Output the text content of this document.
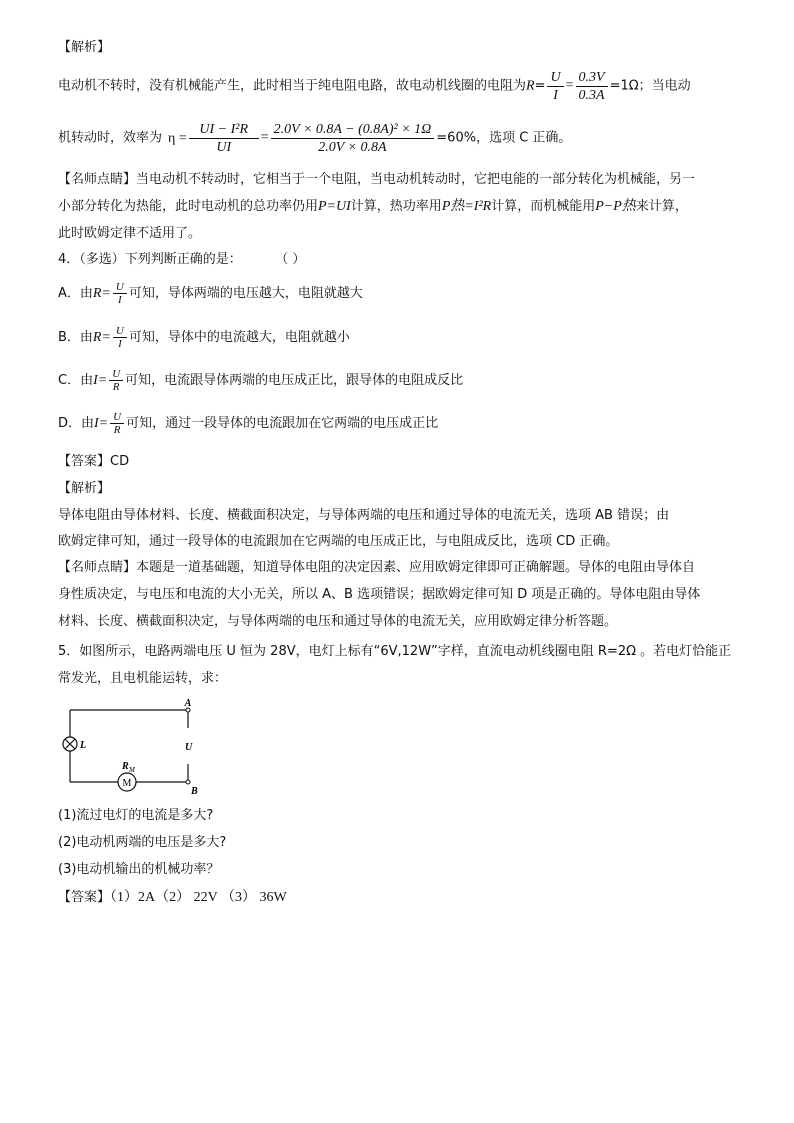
【解析】
电动机不转时，没有机械能产生，此时相当于纯电阻电路，故电动机线圈的电阻为$R= \frac{U}{I} = \frac{0.3V}{0.3A} =1\Omega$；当电动
机转动时，效率为 $\eta = \frac{\text{UI − I²R}}{UI} = \frac{\text{2.0V × 0.8A − (0.8A)² × 1Ω}}{2.0V \times 0.8A} =60\%$，选项 C 正确。
【名师点睛】当电动机不转动时，它相当于一个电阻，当电动机转动时，它把电能的一部分转化为机械能，另一
小部分转化为热能，此时电动机的总功率仍用P=UI计算，热功率用P热=I²R计算，而机械能用P−P热来计算，
此时欧姆定律不适用了。
4．（多选）下列判断正确的是：	（ ）
A．由$R= \frac{U}{I}$ 可知，导体两端的电压越大，电阻就越大
B．由$R= \frac{U}{I}$ 可知，导体中的电流越大，电阻就越小
C．由$I= \frac{U}{R}$ 可知，电流跟导体两端的电压成正比，跟导体的电阻成反比
D．由$I= \frac{U}{R}$ 可知，通过一段导体的电流跟加在它两端的电压成正比
【答案】CD
【解析】
导体电阻由导体材料、长度、横截面积决定，与导体两端的电压和通过导体的电流无关，选项 AB 错误；由
欧姆定律可知，通过一段导体的电流跟加在它两端的电压成正比，与电阻成反比，选项 CD 正确。
【名师点睛】本题是一道基础题，知道导体电阻的决定因素、应用欧姆定律即可正确解题。导体的电阻由导体自
身性质决定，与电压和电流的大小无关，所以 A、B 选项错误；据欧姆定律可知 D 项是正确的。导体电阻由导体
材料、长度、横截面积决定，与导体两端的电压和通过导体的电流无关，应用欧姆定律分析答题。
5．如图所示，电路两端电压 U 恒为 28V，电灯上标有“6V,12W”字样，直流电动机线圈电阻 R=2Ω 。若电灯恰能正
常发光，且电机能运转，求：
M
A
B
U
L
R M
(1)流过电灯的电流是多大?
(2)电动机两端的电压是多大?
(3)电动机输出的机械功率？
【答案】（1）2A（2） 22V （3） 36W
